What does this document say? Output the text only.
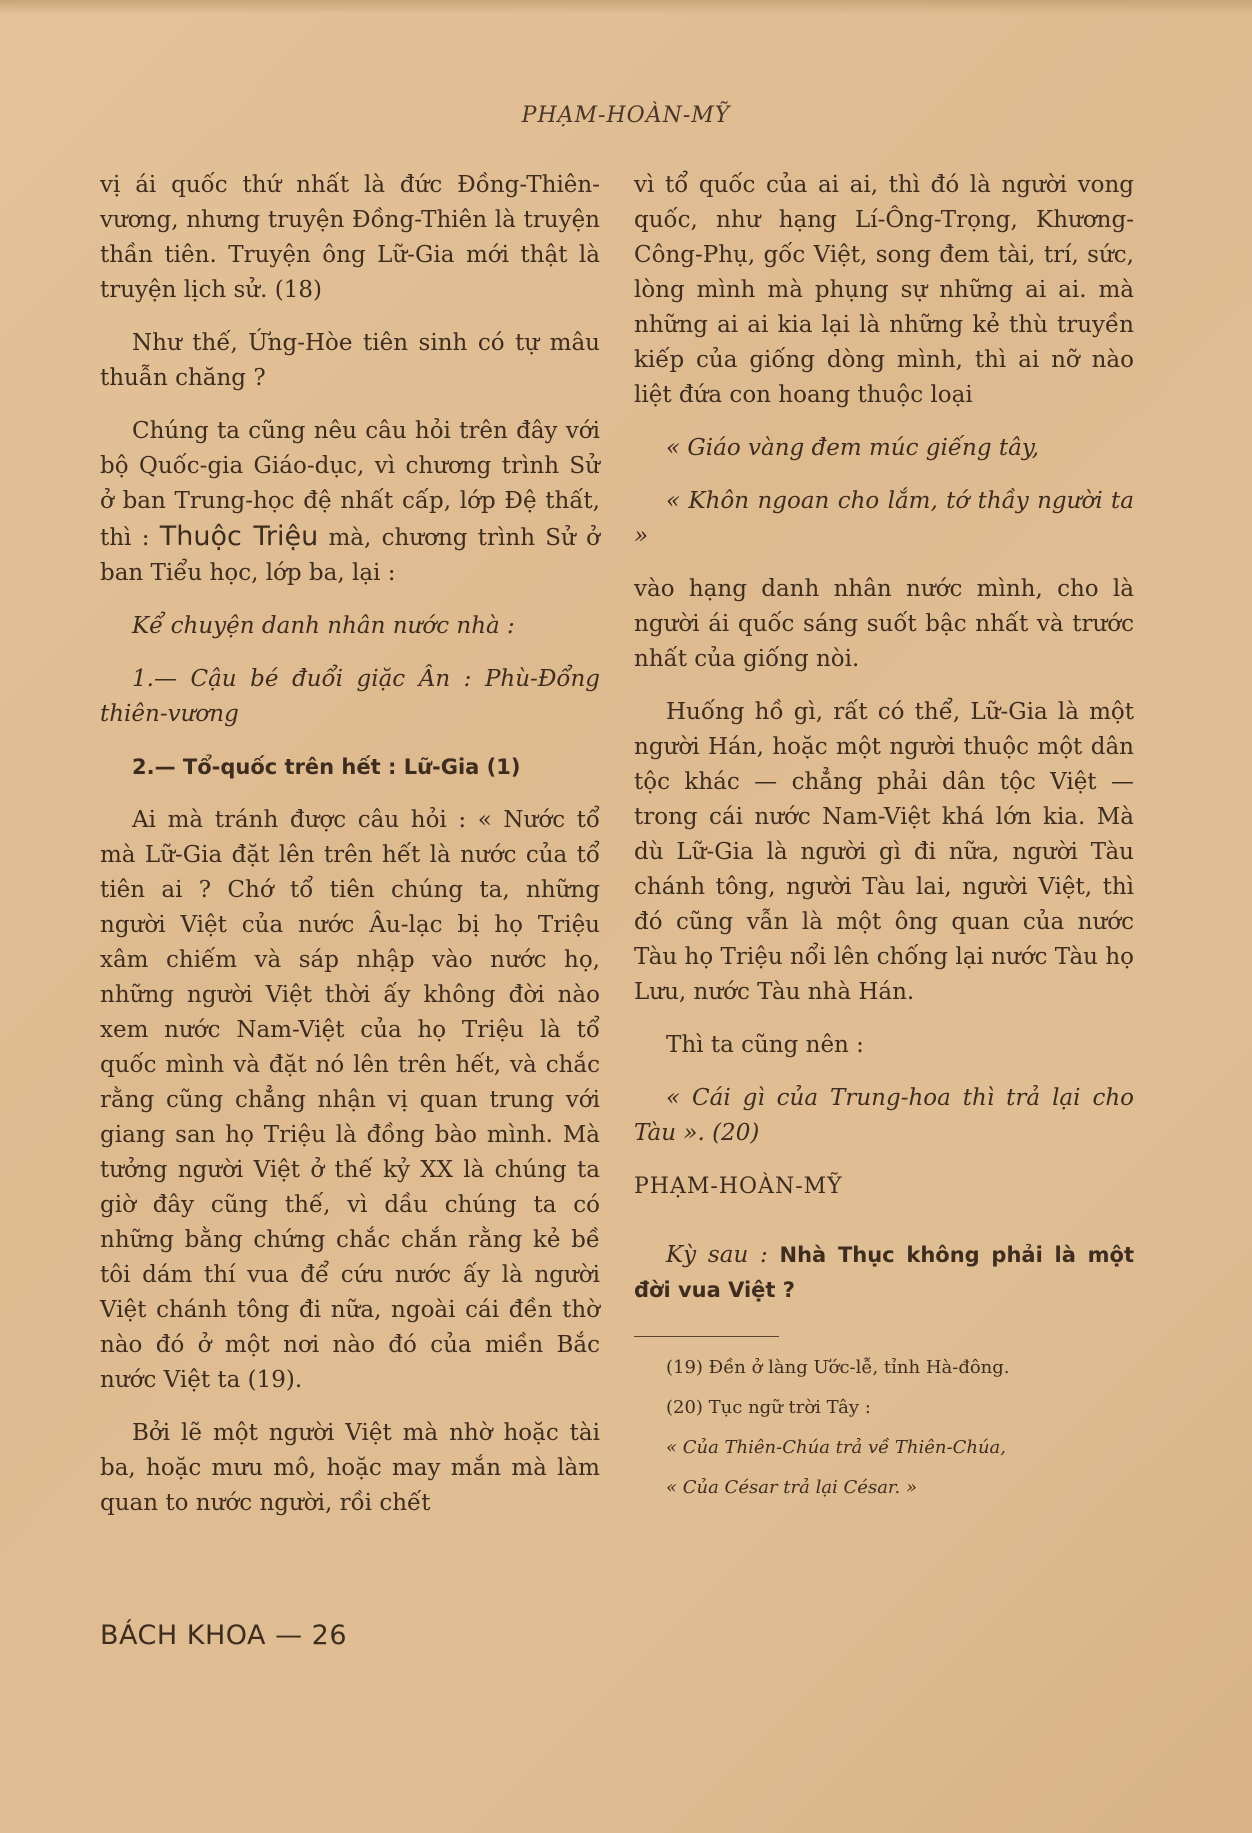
PHẠM-HOÀN-MỸ

vị ái quốc thứ nhất là đức Đồng-Thiên-vương, nhưng truyện Đồng-Thiên là truyện thần tiên. Truyện ông Lữ-Gia mới thật là truyện lịch sử. (18)

Như thế, Ứng-Hòe tiên sinh có tự mâu thuẫn chăng ?

Chúng ta cũng nêu câu hỏi trên đây với bộ Quốc-gia Giáo-dục, vì chương trình Sử ở ban Trung-học đệ nhất cấp, lớp Đệ thất, thì : Thuộc Triệu mà, chương trình Sử ở ban Tiểu học, lớp ba, lại :

Kể chuyện danh nhân nước nhà :

1.— Cậu bé đuổi giặc Ân : Phù-Đổng thiên-vương

2.— Tổ-quốc trên hết : Lữ-Gia (1)

Ai mà tránh được câu hỏi : « Nước tổ mà Lữ-Gia đặt lên trên hết là nước của tổ tiên ai ? Chớ tổ tiên chúng ta, những người Việt của nước Âu-lạc bị họ Triệu xâm chiếm và sáp nhập vào nước họ, những người Việt thời ấy không đời nào xem nước Nam-Việt của họ Triệu là tổ quốc mình và đặt nó lên trên hết, và chắc rằng cũng chẳng nhận vị quan trung với giang san họ Triệu là đồng bào mình. Mà tưởng người Việt ở thế kỷ XX là chúng ta giờ đây cũng thế, vì dầu chúng ta có những bằng chứng chắc chắn rằng kẻ bề tôi dám thí vua để cứu nước ấy là người Việt chánh tông đi nữa, ngoài cái đền thờ nào đó ở một nơi nào đó của miền Bắc nước Việt ta (19).

Bởi lẽ một người Việt mà nhờ hoặc tài ba, hoặc mưu mô, hoặc may mắn mà làm quan to nước người, rồi chết

vì tổ quốc của ai ai, thì đó là người vong quốc, như hạng Lí-Ông-Trọng, Khương-Công-Phụ, gốc Việt, song đem tài, trí, sức, lòng mình mà phụng sự những ai ai. mà những ai ai kia lại là những kẻ thù truyền kiếp của giống dòng mình, thì ai nỡ nào liệt đứa con hoang thuộc loại

« Giáo vàng đem múc giếng tây,

« Khôn ngoan cho lắm, tớ thầy người ta »

vào hạng danh nhân nước mình, cho là người ái quốc sáng suốt bậc nhất và trước nhất của giống nòi.

Huống hồ gì, rất có thể, Lữ-Gia là một người Hán, hoặc một người thuộc một dân tộc khác — chẳng phải dân tộc Việt — trong cái nước Nam-Việt khá lớn kia. Mà dù Lữ-Gia là người gì đi nữa, người Tàu chánh tông, người Tàu lai, người Việt, thì đó cũng vẫn là một ông quan của nước Tàu họ Triệu nổi lên chống lại nước Tàu họ Lưu, nước Tàu nhà Hán.

Thì ta cũng nên :

« Cái gì của Trung-hoa thì trả lại cho Tàu ». (20)

PHẠM-HOÀN-MỸ

Kỳ sau : Nhà Thục không phải là một đời vua Việt ?

(19) Đền ở làng Ước-lễ, tỉnh Hà-đông.

(20) Tục ngữ trời Tây :

« Của Thiên-Chúa trả về Thiên-Chúa,

« Của César trả lại César. »

BÁCH KHOA — 26
